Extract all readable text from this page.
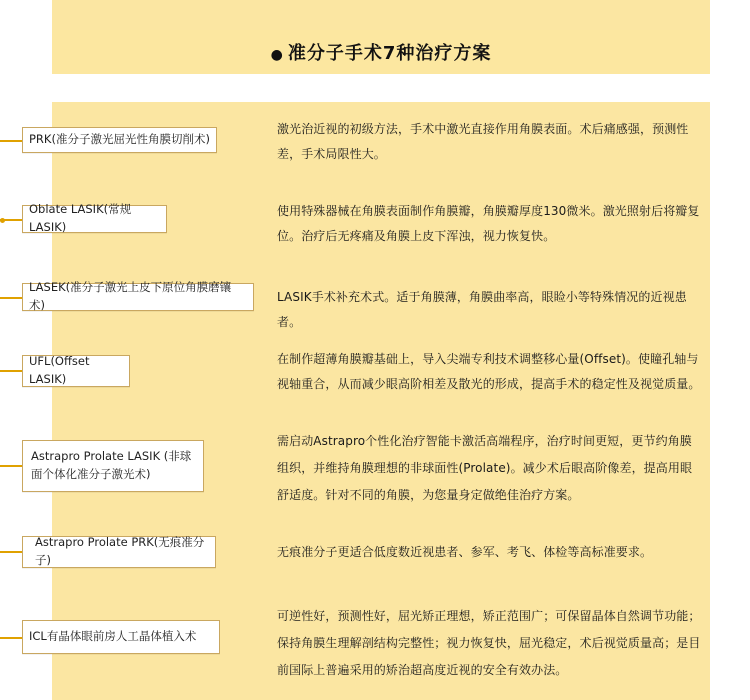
● 准分子手术7种治疗方案
PRK(准分子激光屈光性角膜切削术)
激光治近视的初级方法，手术中激光直接作用角膜表面。术后痛感强，预测性差，手术局限性大。
Oblate LASIK(常规LASIK)
使用特殊器械在角膜表面制作角膜瓣，角膜瓣厚度130微米。激光照射后将瓣复位。治疗后无疼痛及角膜上皮下浑浊，视力恢复快。
LASEK(准分子激光上皮下原位角膜磨镶术)
LASIK手术补充术式。适于角膜薄，角膜曲率高，眼睑小等特殊情况的近视患者。
UFL(Offset LASIK)
在制作超薄角膜瓣基础上，导入尖端专利技术调整移心量(Offset)。使瞳孔轴与视轴重合，从而减少眼高阶相差及散光的形成，提高手术的稳定性及视觉质量。
Astrapro Prolate LASIK (非球面个体化准分子激光术)
需启动Astrapro个性化治疗智能卡激活高端程序，治疗时间更短，更节约角膜组织，并维持角膜理想的非球面性(Prolate)。减少术后眼高阶像差，提高用眼舒适度。针对不同的角膜，为您量身定做绝佳治疗方案。
Astrapro Prolate PRK(无痕准分子)
无痕准分子更适合低度数近视患者、参军、考飞、体检等高标准要求。
ICL有晶体眼前房人工晶体植入术
可逆性好，预测性好，屈光矫正理想，矫正范围广；可保留晶体自然调节功能；保持角膜生理解剖结构完整性；视力恢复快，屈光稳定，术后视觉质量高；是目前国际上普遍采用的矫治超高度近视的安全有效办法。
